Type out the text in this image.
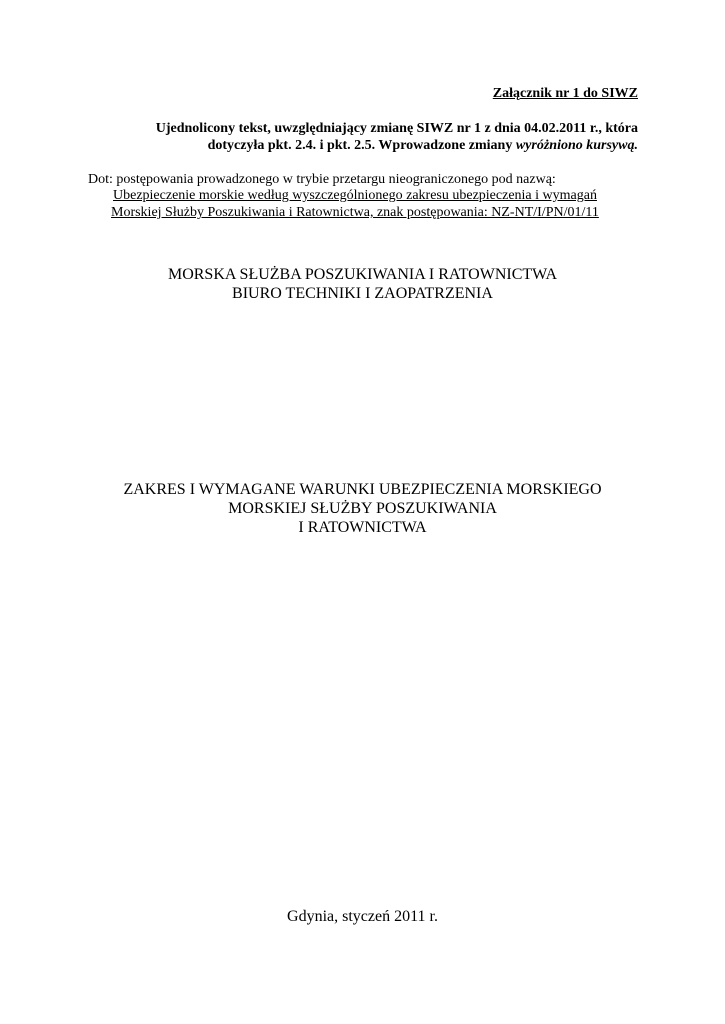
Załącznik nr 1 do SIWZ
Ujednolicony tekst, uwzględniający zmianę SIWZ nr 1 z dnia 04.02.2011 r., która
dotyczyła pkt. 2.4. i pkt. 2.5. Wprowadzone zmiany wyróżniono kursywą.
Dot: postępowania prowadzonego w trybie przetargu nieograniczonego pod nazwą:
Ubezpieczenie morskie według wyszczególnionego zakresu ubezpieczenia i wymagań
Morskiej Służby Poszukiwania i Ratownictwa, znak postępowania: NZ-NT/I/PN/01/11
MORSKA SŁUŻBA POSZUKIWANIA I RATOWNICTWA
BIURO TECHNIKI I ZAOPATRZENIA
ZAKRES I WYMAGANE WARUNKI UBEZPIECZENIA MORSKIEGO
MORSKIEJ SŁUŻBY POSZUKIWANIA
I RATOWNICTWA
Gdynia, styczeń 2011 r.
